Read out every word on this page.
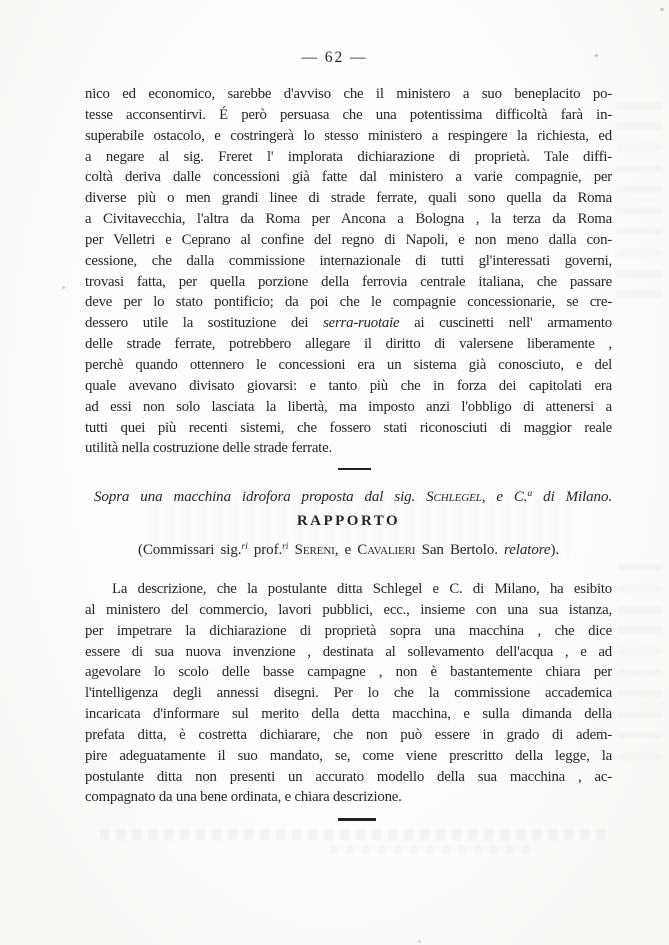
— 62 —
nico ed economico, sarebbe d'avviso che il ministero a suo beneplacito po-
tesse acconsentirvi. É però persuasa che una potentissima difficoltà farà in-
superabile ostacolo, e costringerà lo stesso ministero a respingere la richiesta, ed
a negare al sig. Freret l' implorata dichiarazione di proprietà. Tale diffi-
coltà deriva dalle concessioni già fatte dal ministero a varie compagnie, per
diverse più o men grandi linee di strade ferrate, quali sono quella da Roma
a Civitavecchia, l'altra da Roma per Ancona a Bologna , la terza da Roma
per Velletri e Ceprano al confine del regno di Napoli, e non meno dalla con-
cessione, che dalla commissione internazionale di tutti gl'interessati governi,
trovasi fatta, per quella porzione della ferrovia centrale italiana, che passare
deve per lo stato pontificio; da poi che le compagnie concessionarie, se cre-
dessero utile la sostituzione dei serra-ruotaie ai cuscinetti nell' armamento
delle strade ferrate, potrebbero allegare il diritto di valersene liberamente ,
perchè quando ottennero le concessioni era un sistema già conosciuto, e del
quale avevano divisato giovarsi: e tanto più che in forza dei capitolati era
ad essi non solo lasciata la libertà, ma imposto anzi l'obbligo di attenersi a
tutti quei più recenti sistemi, che fossero stati riconosciuti di maggior reale
utilità nella costruzione delle strade ferrate.
Sopra una macchina idrofora proposta dal sig. Schlegel, e C.$^a$ di Milano.
RAPPORTO
(Commissari sig.$^{ri}$ prof.$^{ri}$ Sereni, e Cavalieri San Bertolo. relatore).
La descrizione, che la postulante ditta Schlegel e C. di Milano, ha esibito
al ministero del commercio, lavori pubblici, ecc., insieme con una sua istanza,
per impetrare la dichiarazione di proprietà sopra una macchina , che dice
essere di sua nuova invenzione , destinata al sollevamento dell'acqua , e ad
agevolare lo scolo delle basse campagne , non è bastantemente chiara per
l'intelligenza degli annessi disegni. Per lo che la commissione accademica
incaricata d'informare sul merito della detta macchina, e sulla dimanda della
prefata ditta, è costretta dichiarare, che non può essere in grado di adem-
pire adeguatamente il suo mandato, se, come viene prescritto della legge, la
postulante ditta non presenti un accurato modello della sua macchina , ac-
compagnato da una bene ordinata, e chiara descrizione.
